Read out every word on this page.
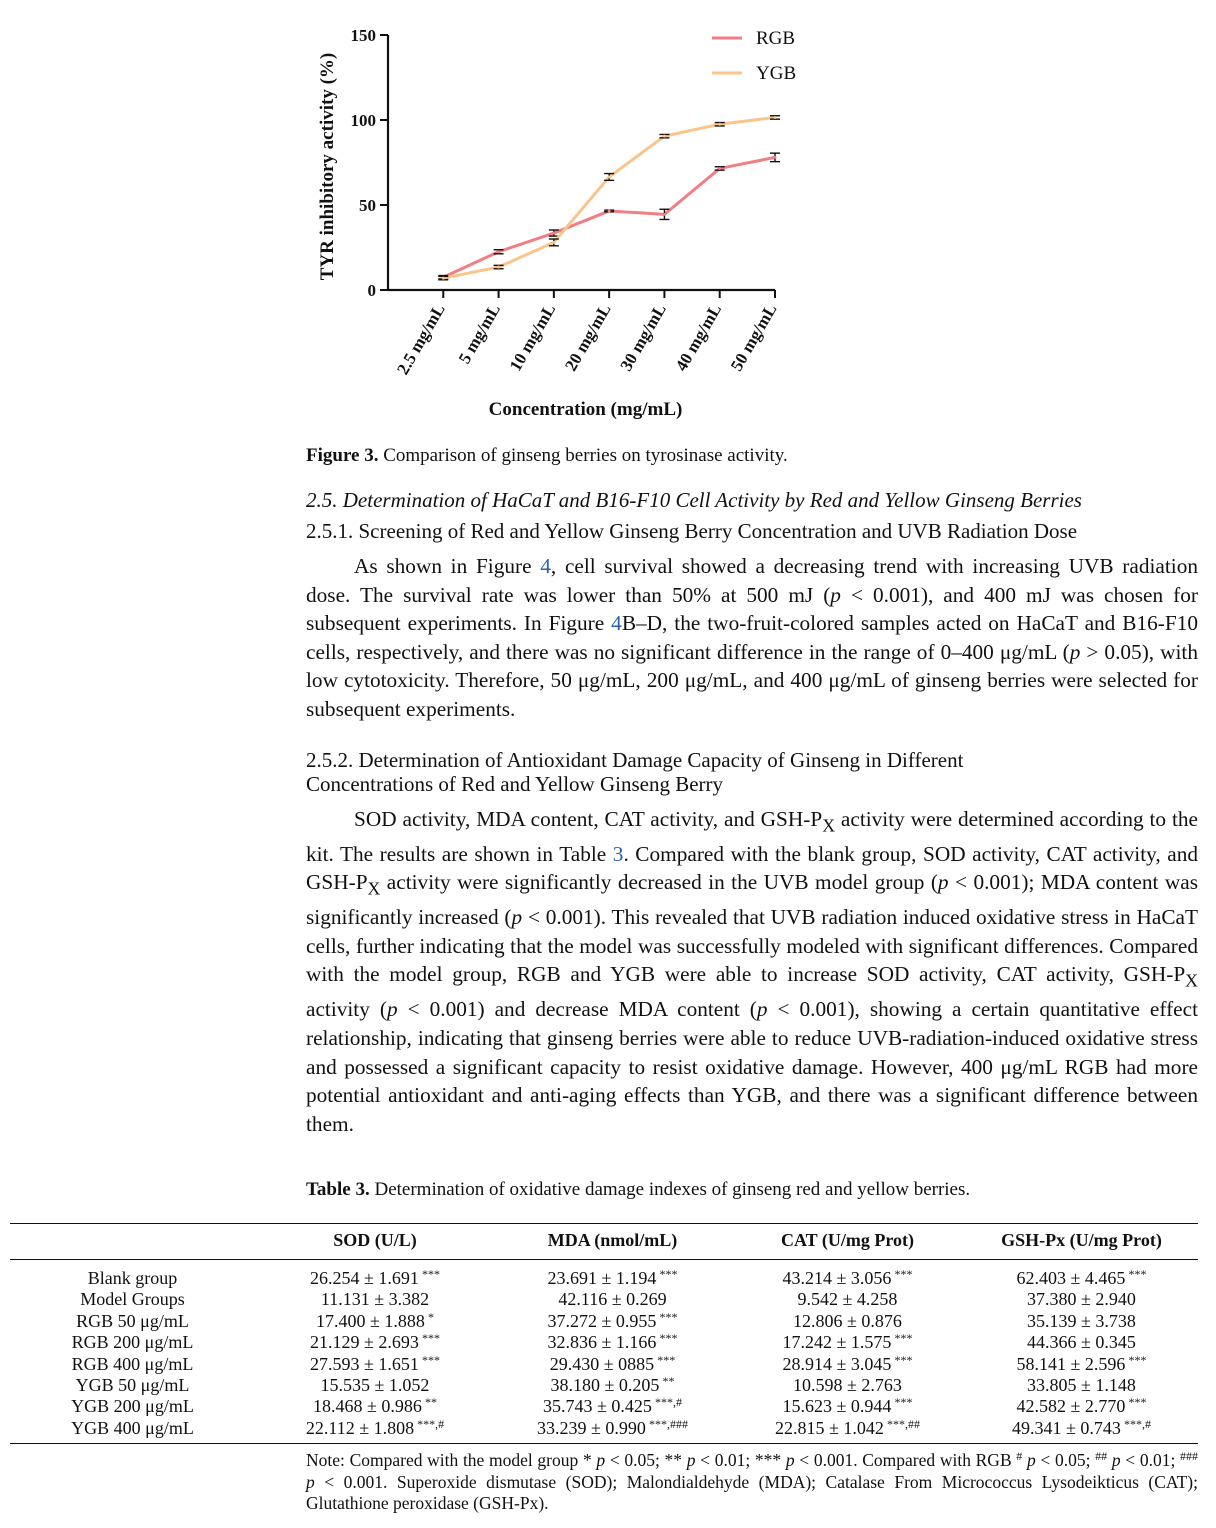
0
50
100
150
2.5 mg/mL 5 mg/mL 10 mg/mL 20 mg/mL 30 mg/mL 40 mg/mL 50 mg/mL
TYR inhibitory activity (%)
Concentration (mg/mL)
RGB
YGB
Figure 3. Comparison of ginseng berries on tyrosinase activity.
2.5. Determination of HaCaT and B16-F10 Cell Activity by Red and Yellow Ginseng Berries
2.5.1. Screening of Red and Yellow Ginseng Berry Concentration and UVB Radiation Dose

As shown in Figure 4, cell survival showed a decreasing trend with increasing UVB radiation dose. The survival rate was lower than 50% at 500 mJ (p < 0.001), and 400 mJ was chosen for subsequent experiments. In Figure 4B–D, the two-fruit-colored samples acted on HaCaT and B16-F10 cells, respectively, and there was no significant difference in the range of 0–400 μg/mL (p > 0.05), with low cytotoxicity. Therefore, 50 μg/mL, 200 μg/mL, and 400 μg/mL of ginseng berries were selected for subsequent experiments.

2.5.2. Determination of Antioxidant Damage Capacity of Ginseng in Different
Concentrations of Red and Yellow Ginseng Berry

SOD activity, MDA content, CAT activity, and GSH-$P_X$ activity were determined according to the kit. The results are shown in Table 3. Compared with the blank group, SOD activity, CAT activity, and GSH-$P_X$ activity were significantly decreased in the UVB model group (p < 0.001); MDA content was significantly increased (p < 0.001). This revealed that UVB radiation induced oxidative stress in HaCaT cells, further indicating that the model was successfully modeled with significant differences. Compared with the model group, RGB and YGB were able to increase SOD activity, CAT activity, GSH-$P_X$ activity (p < 0.001) and decrease MDA content (p < 0.001), showing a certain quantitative effect relationship, indicating that ginseng berries were able to reduce UVB-radiation-induced oxidative stress and possessed a significant capacity to resist oxidative damage. However, 400 μg/mL RGB had more potential antioxidant and anti-aging effects than YGB, and there was a significant difference between them.

Table 3. Determination of oxidative damage indexes of ginseng red and yellow berries.
	SOD (U/L)	MDA (nmol/mL)	CAT (U/mg Prot)	GSH-Px (U/mg Prot)
Blank group	26.254 ± 1.691 ***	23.691 ± 1.194 ***	43.214 ± 3.056 ***	62.403 ± 4.465 ***
Model Groups	11.131 ± 3.382	42.116 ± 0.269	9.542 ± 4.258	37.380 ± 2.940
RGB 50 μg/mL	17.400 ± 1.888 *	37.272 ± 0.955 ***	12.806 ± 0.876	35.139 ± 3.738
RGB 200 μg/mL	21.129 ± 2.693 ***	32.836 ± 1.166 ***	17.242 ± 1.575 ***	44.366 ± 0.345
RGB 400 μg/mL	27.593 ± 1.651 ***	29.430 ± 0885 ***	28.914 ± 3.045 ***	58.141 ± 2.596 ***
YGB 50 μg/mL	15.535 ± 1.052	38.180 ± 0.205 **	10.598 ± 2.763	33.805 ± 1.148
YGB 200 μg/mL	18.468 ± 0.986 **	35.743 ± 0.425 ***,#	15.623 ± 0.944 ***	42.582 ± 2.770 ***
YGB 400 μg/mL	22.112 ± 1.808 ***,#	33.239 ± 0.990 ***,###	22.815 ± 1.042 ***,##	49.341 ± 0.743 ***,#

Note: Compared with the model group * p < 0.05; ** p < 0.01; *** p < 0.001. Compared with RGB # p < 0.05; ## p < 0.01; ### p < 0.001. Superoxide dismutase (SOD); Malondialdehyde (MDA); Catalase From Micrococcus Lysodeikticus (CAT); Glutathione peroxidase (GSH-Px).
